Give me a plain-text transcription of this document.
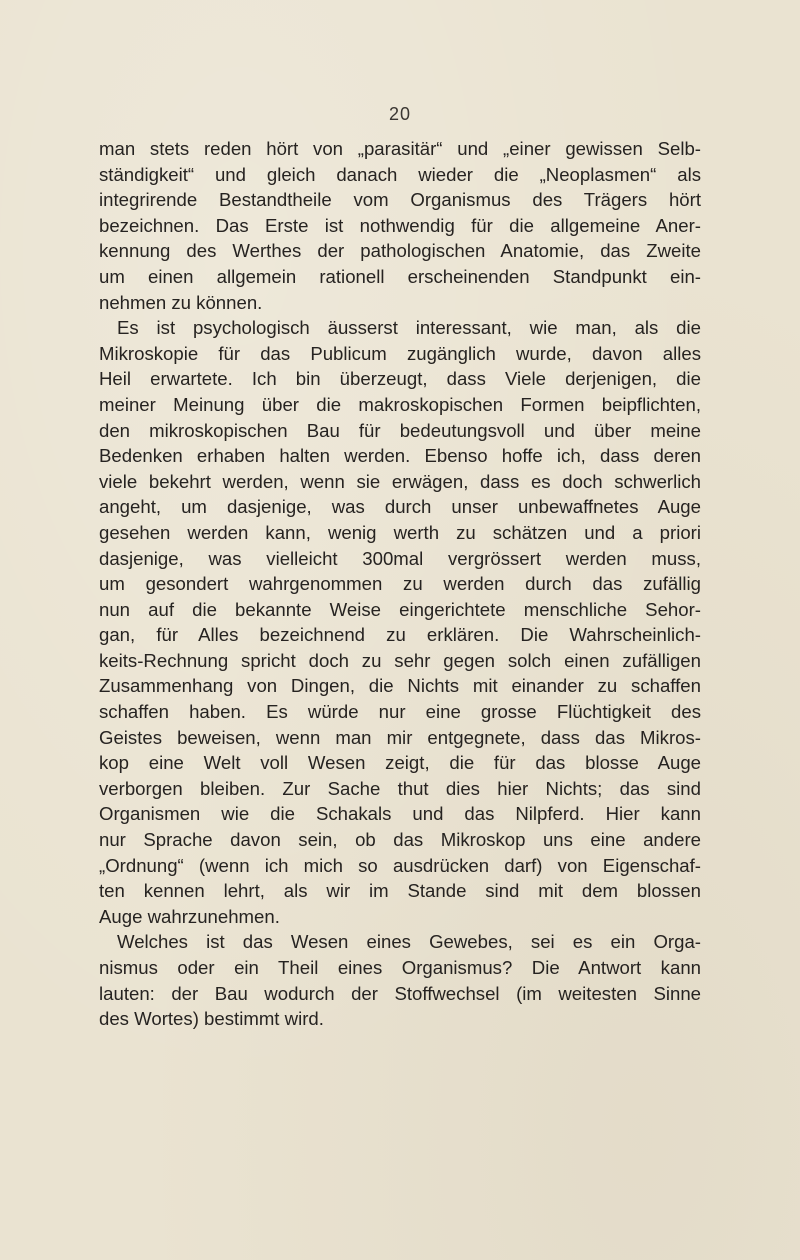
20
man stets reden hört von „parasitär“ und „einer gewissen Selb-
ständigkeit“ und gleich danach wieder die „Neoplasmen“ als
integrirende Bestandtheile vom Organismus des Trägers hört
bezeichnen. Das Erste ist nothwendig für die allgemeine Aner-
kennung des Werthes der pathologischen Anatomie, das Zweite
um einen allgemein rationell erscheinenden Standpunkt ein-
nehmen zu können.
Es ist psychologisch äusserst interessant, wie man, als die
Mikroskopie für das Publicum zugänglich wurde, davon alles
Heil erwartete. Ich bin überzeugt, dass Viele derjenigen, die
meiner Meinung über die makroskopischen Formen beipflichten,
den mikroskopischen Bau für bedeutungsvoll und über meine
Bedenken erhaben halten werden. Ebenso hoffe ich, dass deren
viele bekehrt werden, wenn sie erwägen, dass es doch schwerlich
angeht, um dasjenige, was durch unser unbewaffnetes Auge
gesehen werden kann, wenig werth zu schätzen und a priori
dasjenige, was vielleicht 300mal vergrössert werden muss,
um gesondert wahrgenommen zu werden durch das zufällig
nun auf die bekannte Weise eingerichtete menschliche Sehor-
gan, für Alles bezeichnend zu erklären. Die Wahrscheinlich-
keits-Rechnung spricht doch zu sehr gegen solch einen zufälligen
Zusammenhang von Dingen, die Nichts mit einander zu schaffen
schaffen haben. Es würde nur eine grosse Flüchtigkeit des
Geistes beweisen, wenn man mir entgegnete, dass das Mikros-
kop eine Welt voll Wesen zeigt, die für das blosse Auge
verborgen bleiben. Zur Sache thut dies hier Nichts; das sind
Organismen wie die Schakals und das Nilpferd. Hier kann
nur Sprache davon sein, ob das Mikroskop uns eine andere
„Ordnung“ (wenn ich mich so ausdrücken darf) von Eigenschaf-
ten kennen lehrt, als wir im Stande sind mit dem blossen
Auge wahrzunehmen.
Welches ist das Wesen eines Gewebes, sei es ein Orga-
nismus oder ein Theil eines Organismus? Die Antwort kann
lauten: der Bau wodurch der Stoffwechsel (im weitesten Sinne
des Wortes) bestimmt wird.
